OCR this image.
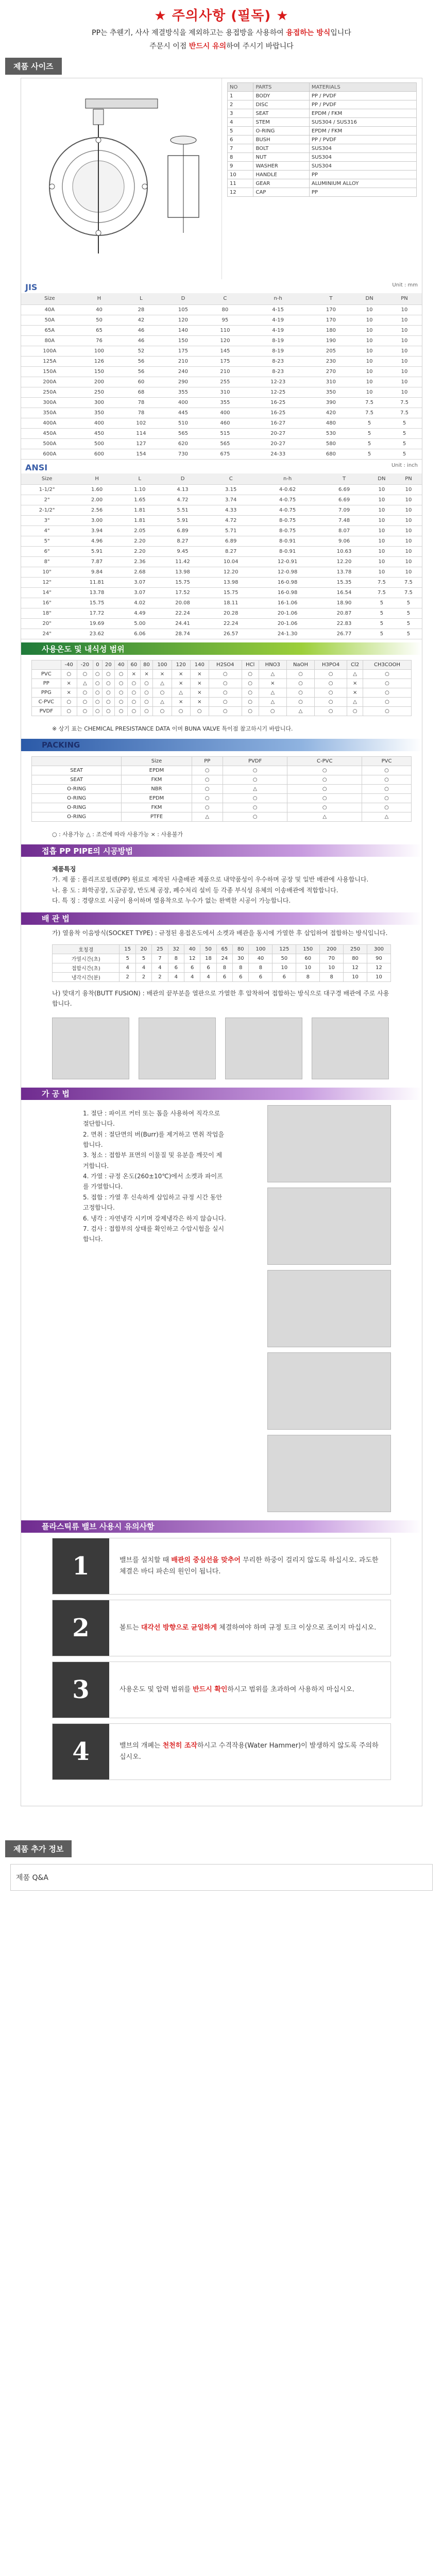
★ 주의사항 (필독) ★
PP는 추웬기, 사사 제결방식을 제외하고는 용접방을 사용하여 융접하는 방식입니다
주문시 이점 반드시 유의하여 주시기 바랍니다
제품 사이즈
NO	PARTS	MATERIALS
1	BODY	PP / PVDF
2	DISC	PP / PVDF
3	SEAT	EPDM / FKM
4	STEM	SUS304 / SUS316
5	O-RING	EPDM / FKM
6	BUSH	PP / PVDF
7	BOLT	SUS304
8	NUT	SUS304
9	WASHER	SUS304
10	HANDLE	PP
11	GEAR	ALUMINIUM ALLOY
12	CAP	PP
JIS	Unit : mm
Size	H	L	D	C	n-h	T	DN	PN
40A	40	28	105	80	4-15	170	10	10
50A	50	42	120	95	4-19	170	10	10
65A	65	46	140	110	4-19	180	10	10
80A	76	46	150	120	8-19	190	10	10
100A	100	52	175	145	8-19	205	10	10
125A	126	56	210	175	8-23	230	10	10
150A	150	56	240	210	8-23	270	10	10
200A	200	60	290	255	12-23	310	10	10
250A	250	68	355	310	12-25	350	10	10
300A	300	78	400	355	16-25	390	7.5	7.5
350A	350	78	445	400	16-25	420	7.5	7.5
400A	400	102	510	460	16-27	480	5	5
450A	450	114	565	515	20-27	530	5	5
500A	500	127	620	565	20-27	580	5	5
600A	600	154	730	675	24-33	680	5	5
ANSI	Unit : inch
Size	H	L	D	C	n-h	T	DN	PN
1-1/2"	1.60	1.10	4.13	3.15	4-0.62	6.69	10	10
2"	2.00	1.65	4.72	3.74	4-0.75	6.69	10	10
2-1/2"	2.56	1.81	5.51	4.33	4-0.75	7.09	10	10
3"	3.00	1.81	5.91	4.72	8-0.75	7.48	10	10
4"	3.94	2.05	6.89	5.71	8-0.75	8.07	10	10
5"	4.96	2.20	8.27	6.89	8-0.91	9.06	10	10
6"	5.91	2.20	9.45	8.27	8-0.91	10.63	10	10
8"	7.87	2.36	11.42	10.04	12-0.91	12.20	10	10
10"	9.84	2.68	13.98	12.20	12-0.98	13.78	10	10
12"	11.81	3.07	15.75	13.98	16-0.98	15.35	7.5	7.5
14"	13.78	3.07	17.52	15.75	16-0.98	16.54	7.5	7.5
16"	15.75	4.02	20.08	18.11	16-1.06	18.90	5	5
18"	17.72	4.49	22.24	20.28	20-1.06	20.87	5	5
20"	19.69	5.00	24.41	22.24	20-1.06	22.83	5	5
24"	23.62	6.06	28.74	26.57	24-1.30	26.77	5	5
사용온도 및 내식성 범위
	-40	-20	0	20	40	60	80	100	120	140	H2SO4	HCl	HNO3	NaOH	H3PO4	Cl2	CH3COOH
PVC	○	○	○	○	○	×	×	×	×	×	○	○	△	○	○	△	○
PP	×	△	○	○	○	○	○	△	×	×	○	○	×	○	○	×	○
PPG	×	○	○	○	○	○	○	○	△	×	○	○	△	○	○	×	○
C-PVC	○	○	○	○	○	○	○	△	×	×	○	○	△	○	○	△	○
PVDF	○	○	○	○	○	○	○	○	○	○	○	○	○	△	○	○	○
※ 상기 표는 CHEMICAL PRESISTANCE DATA 이며 BUNA VALVE 특이점 참고하시기 바랍니다.
PACKING
	Size	PP	PVDF	C-PVC	PVC
SEAT	EPDM	○	○	○	○
SEAT	FKM	○	○	○	○
O-RING	NBR	○	△	○	○
O-RING	EPDM	○	○	○	○
O-RING	FKM	○	○	○	○
O-RING	PTFE	△	○	△	△
○ : 사용가능 △ : 조건에 따라 사용가능 × : 사용불가
접흡 PP PIPE의 시공방법
제품특징

가. 제 품 : 폴리프로필렌(PP) 원료로 제작된 사출배관 제품으로 내약품성이 우수하며 공장 및 일반 배관에 사용합니다.

나. 용 도 : 화학공장, 도금공장, 반도체 공장, 폐수처리 설비 등 각종 부식성 유체의 이송배관에 적합합니다.

다. 특 징 : 경량으로 시공이 용이하며 열융착으로 누수가 없는 완벽한 시공이 가능합니다.

배 관 법
가) 열융착 이음방식(SOCKET TYPE) : 규정된 용접온도에서 소켓과 배관을 동시에 가열한 후 삽입하여 접합하는 방식입니다.
호칭경	15	20	25	32	40	50	65	80	100	125	150	200	250	300
가열시간(초)	5	5	7	8	12	18	24	30	40	50	60	70	80	90
접합시간(초)	4	4	4	6	6	6	8	8	8	10	10	10	12	12
냉각시간(분)	2	2	2	4	4	4	6	6	6	6	8	8	10	10
나) 맞대기 융착(BUTT FUSION) : 배관의 끝부분을 열판으로 가열한 후 압착하여 접합하는 방식으로 대구경 배관에 주로 사용합니다.
가 공 법

1. 절단 : 파이프 커터 또는 톱을 사용하여 직각으로 절단합니다.

2. 면취 : 절단면의 버(Burr)를 제거하고 면취 작업을 합니다.

3. 청소 : 접합부 표면의 이물질 및 유분을 깨끗이 제거합니다.

4. 가열 : 규정 온도(260±10℃)에서 소켓과 파이프를 가열합니다.

5. 접합 : 가열 후 신속하게 삽입하고 규정 시간 동안 고정합니다.

6. 냉각 : 자연냉각 시키며 강제냉각은 하지 않습니다.

7. 검사 : 접합부의 상태를 확인하고 수압시험을 실시합니다.

플라스틱류 밸브 사용시 유의사항
1	밸브를 설치할 때 배관의 중심선을 맞추어 무리한 하중이 걸리지 않도록 하십시오. 과도한 체결은 바디 파손의 원인이 됩니다.
2	볼트는 대각선 방향으로 균일하게 체결하여야 하며 규정 토크 이상으로 조이지 마십시오.
3	사용온도 및 압력 범위를 반드시 확인하시고 범위를 초과하여 사용하지 마십시오.
4	밸브의 개폐는 천천히 조작하시고 수격작용(Water Hammer)이 발생하지 않도록 주의하십시오.
제품 추가 정보
제품 Q&A
